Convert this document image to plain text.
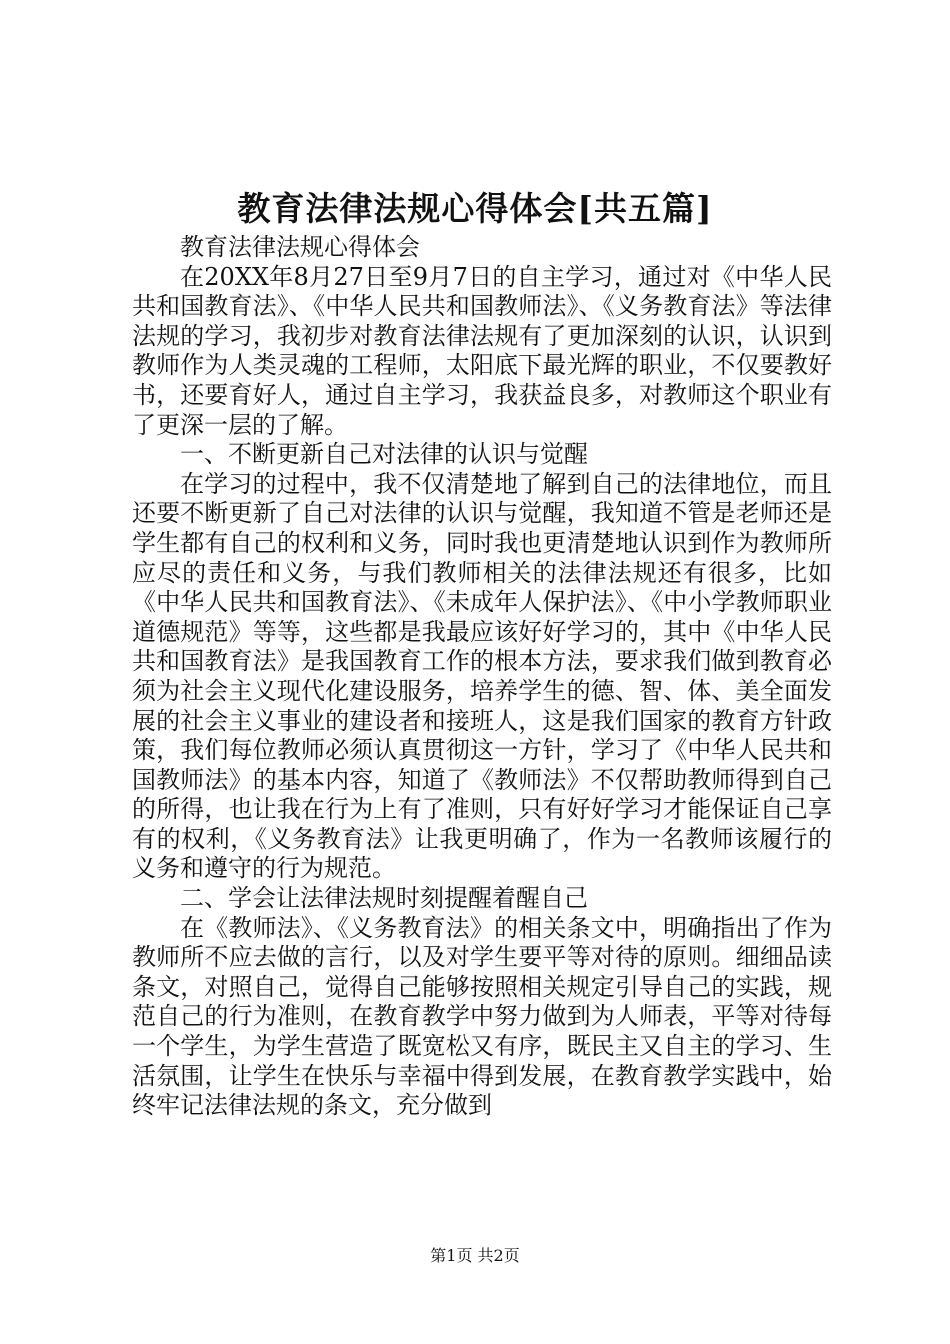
教育法律法规心得体会[共五篇]

教育法律法规心得体会

在20XX年8月27日至9月7日的自主学习，通过对《中华人民共和国教育法》、《中华人民共和国教师法》、《义务教育法》等法律法规的学习，我初步对教育法律法规有了更加深刻的认识，认识到教师作为人类灵魂的工程师，太阳底下最光辉的职业，不仅要教好书，还要育好人，通过自主学习，我获益良多，对教师这个职业有了更深一层的了解。

一、不断更新自己对法律的认识与觉醒

在学习的过程中，我不仅清楚地了解到自己的法律地位，而且还要不断更新了自己对法律的认识与觉醒，我知道不管是老师还是学生都有自己的权利和义务，同时我也更清楚地认识到作为教师所应尽的责任和义务，与我们教师相关的法律法规还有很多，比如《中华人民共和国教育法》、《未成年人保护法》、《中小学教师职业道德规范》等等，这些都是我最应该好好学习的，其中《中华人民共和国教育法》是我国教育工作的根本方法，要求我们做到教育必须为社会主义现代化建设服务，培养学生的德、智、体、美全面发展的社会主义事业的建设者和接班人，这是我们国家的教育方针政策，我们每位教师必须认真贯彻这一方针，学习了《中华人民共和国教师法》的基本内容，知道了《教师法》不仅帮助教师得到自己的所得，也让我在行为上有了准则，只有好好学习才能保证自己享有的权利，《义务教育法》让我更明确了，作为一名教师该履行的义务和遵守的行为规范。

二、学会让法律法规时刻提醒着醒自己

在《教师法》、《义务教育法》的相关条文中，明确指出了作为教师所不应去做的言行，以及对学生要平等对待的原则。细细品读条文，对照自己，觉得自己能够按照相关规定引导自己的实践，规范自己的行为准则，在教育教学中努力做到为人师表，平等对待每一个学生，为学生营造了既宽松又有序，既民主又自主的学习、生活氛围，让学生在快乐与幸福中得到发展，在教育教学实践中，始终牢记法律法规的条文，充分做到

第1页 共2页
